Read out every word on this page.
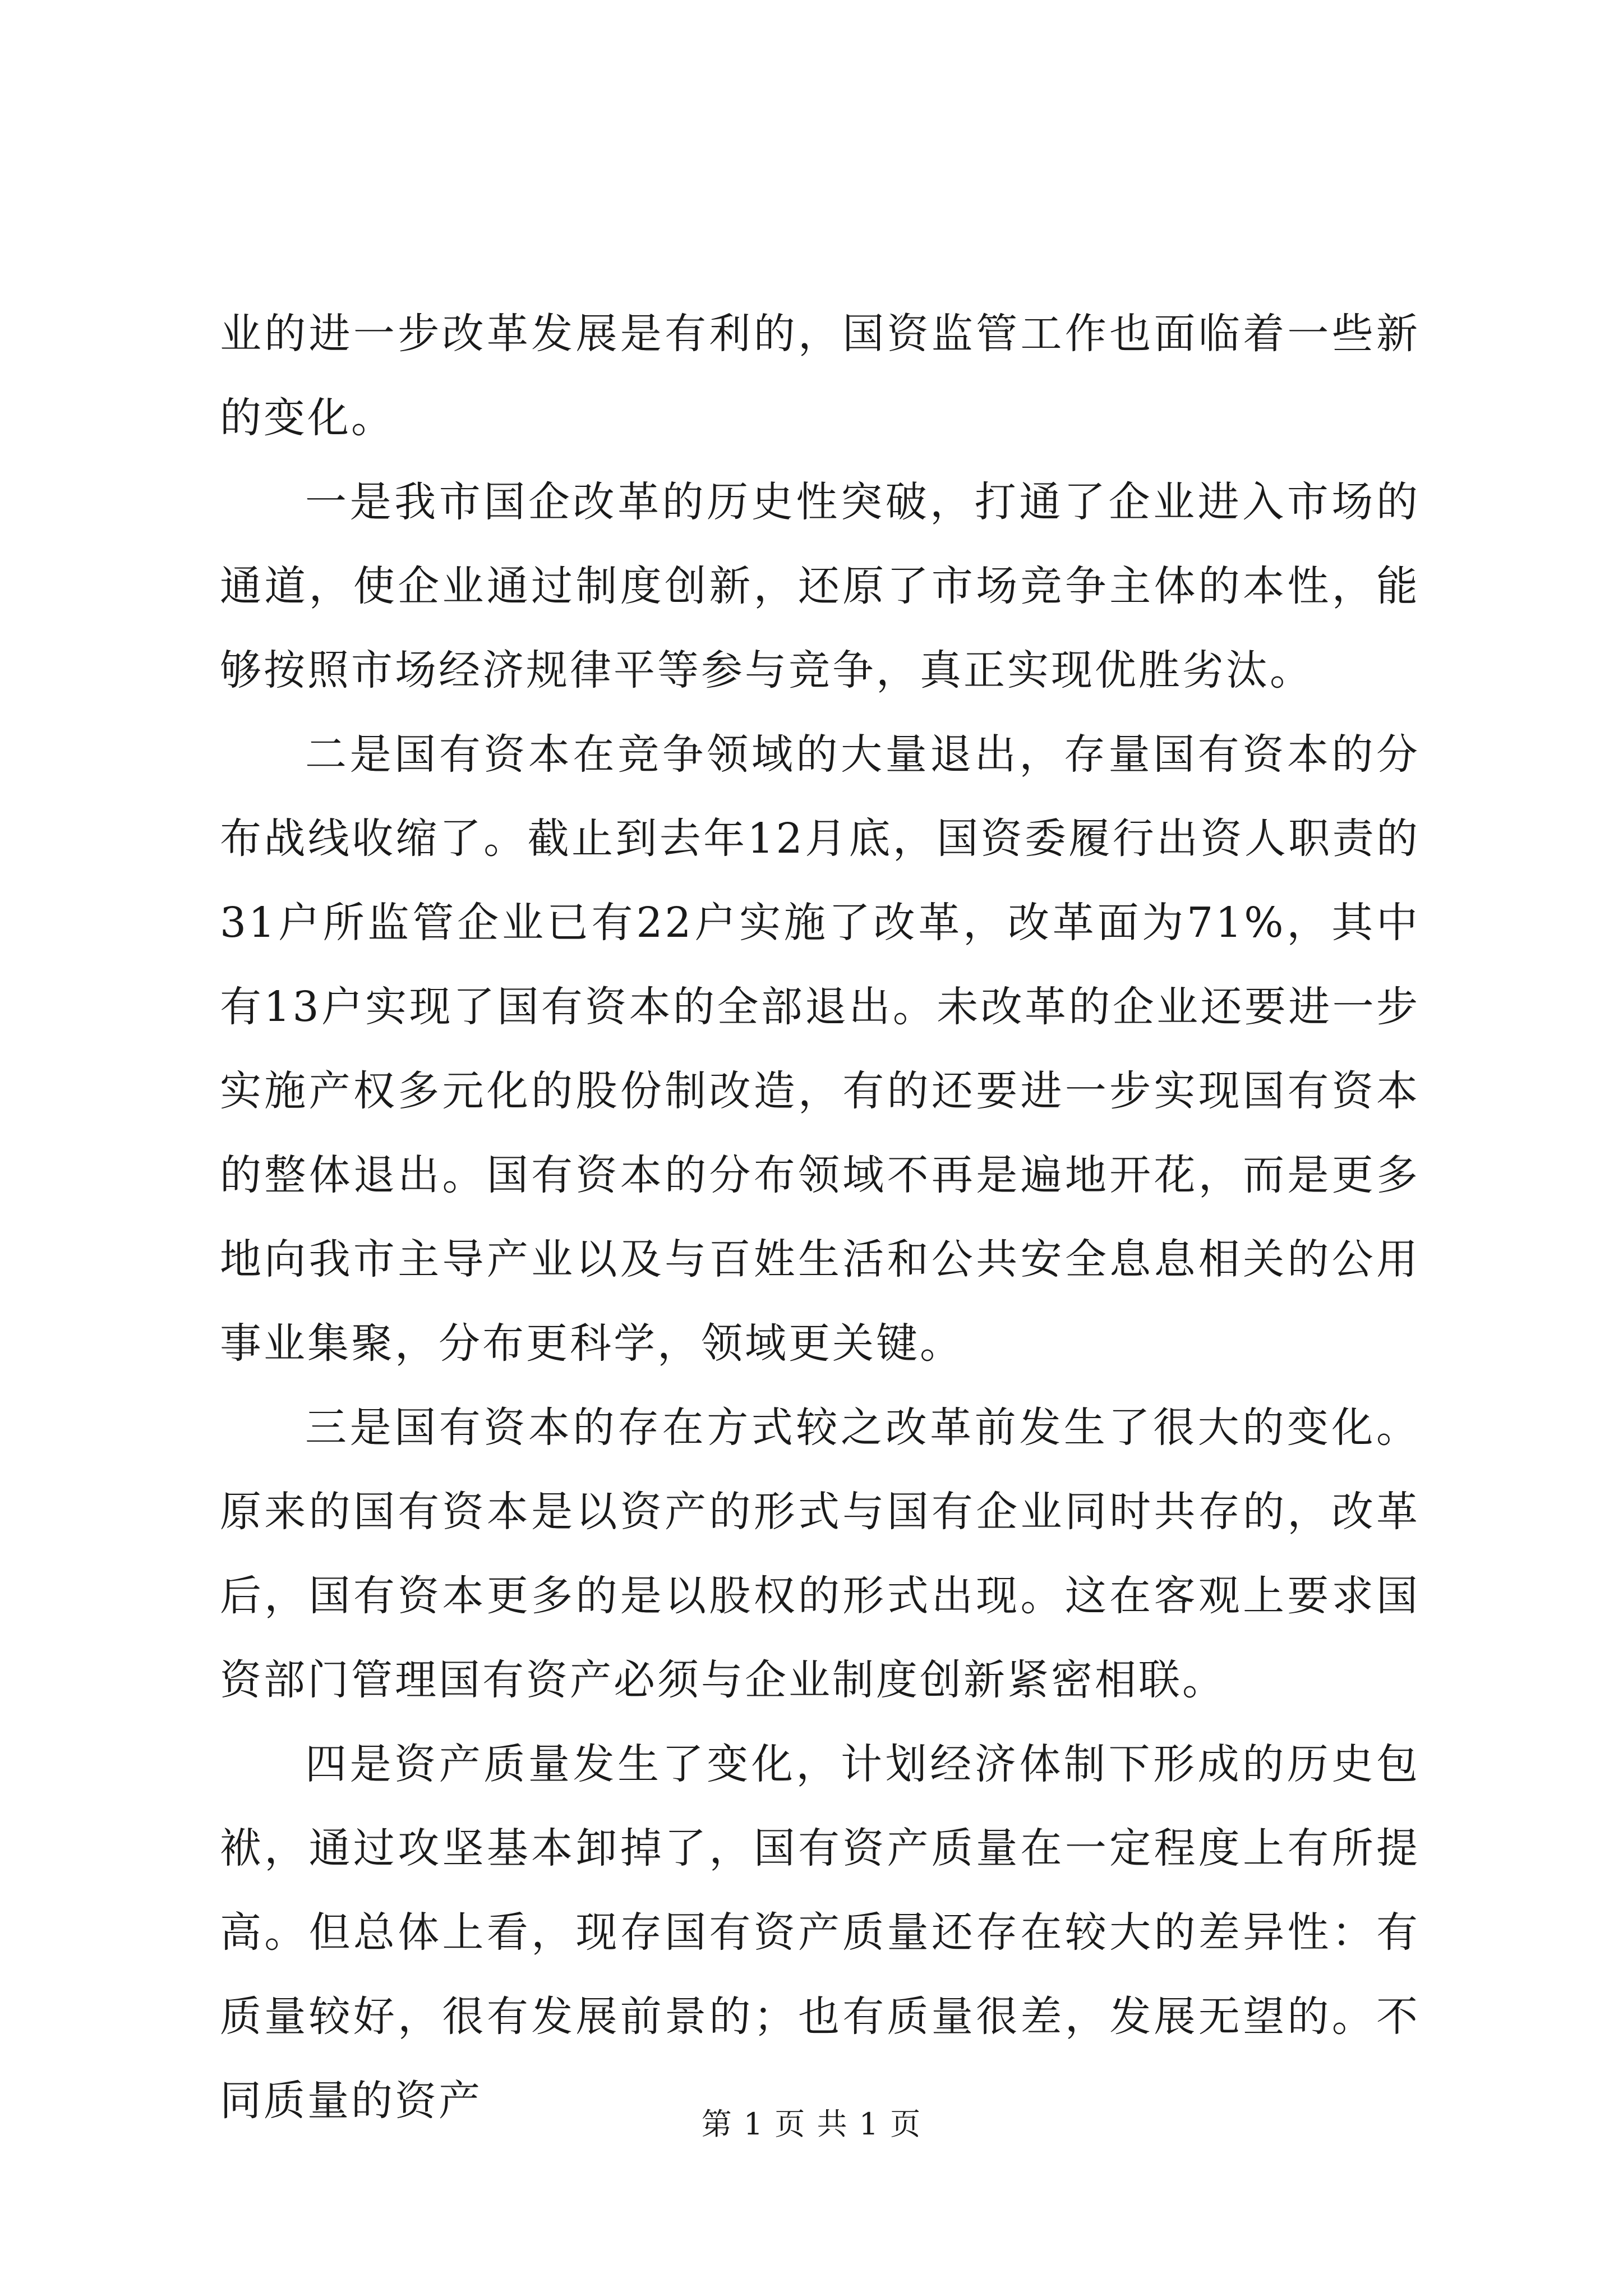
业的进一步改革发展是有利的，国资监管工作也面临着一些新的变化。

一是我市国企改革的历史性突破，打通了企业进入市场的通道，使企业通过制度创新，还原了市场竞争主体的本性，能够按照市场经济规律平等参与竞争，真正实现优胜劣汰。

二是国有资本在竞争领域的大量退出，存量国有资本的分布战线收缩了。截止到去年12月底，国资委履行出资人职责的31户所监管企业已有22户实施了改革，改革面为71%，其中有13户实现了国有资本的全部退出。未改革的企业还要进一步实施产权多元化的股份制改造，有的还要进一步实现国有资本的整体退出。国有资本的分布领域不再是遍地开花，而是更多地向我市主导产业以及与百姓生活和公共安全息息相关的公用事业集聚，分布更科学，领域更关键。

三是国有资本的存在方式较之改革前发生了很大的变化。原来的国有资本是以资产的形式与国有企业同时共存的，改革后，国有资本更多的是以股权的形式出现。这在客观上要求国资部门管理国有资产必须与企业制度创新紧密相联。

四是资产质量发生了变化，计划经济体制下形成的历史包袱，通过攻坚基本卸掉了，国有资产质量在一定程度上有所提高。但总体上看，现存国有资产质量还存在较大的差异性：有质量较好，很有发展前景的；也有质量很差，发展无望的。不同质量的资产	第 1 页 共 1 页
